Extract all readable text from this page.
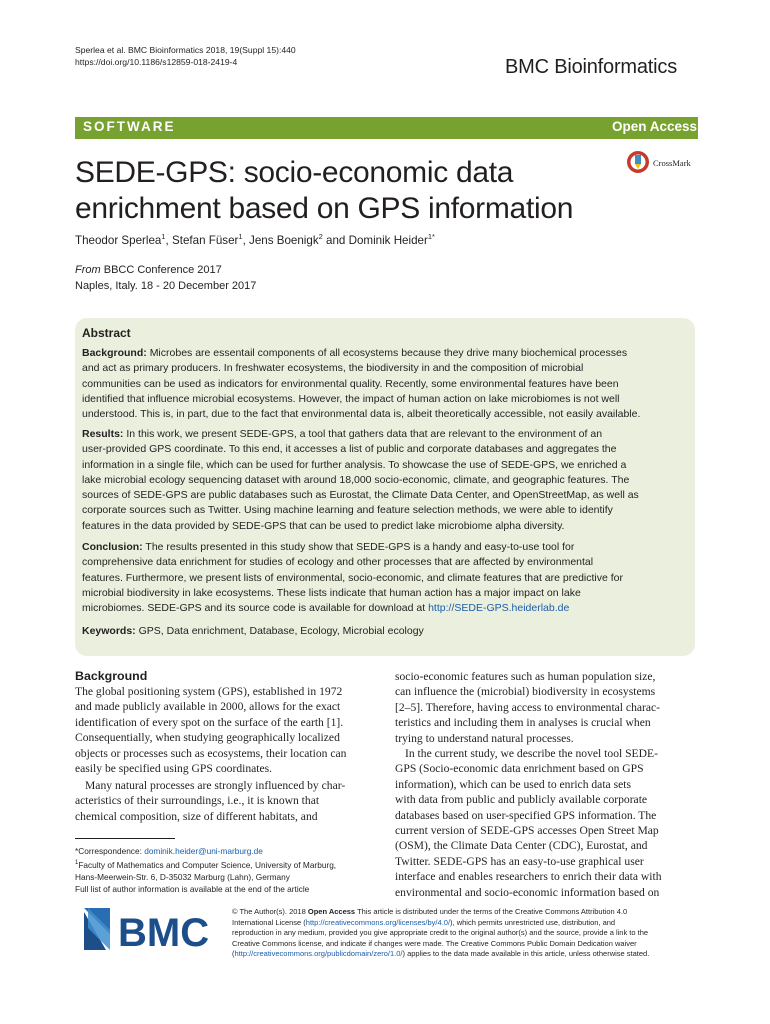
Sperlea et al. BMC Bioinformatics 2018, 19(Suppl 15):440
https://doi.org/10.1186/s12859-018-2419-4	BMC Bioinformatics
SOFTWARE	Open Access
CrossMark
SEDE-GPS: socio-economic data
enrichment based on GPS information
Theodor Sperlea$^1$, Stefan Füser$^1$, Jens Boenigk$^2$ and Dominik Heider$^{1*}$
From BBCC Conference 2017
Naples, Italy. 18 - 20 December 2017
Abstract
Background: Microbes are essentail components of all ecosystems because they drive many biochemical processes
and act as primary producers. In freshwater ecosystems, the biodiversity in and the composition of microbial
communities can be used as indicators for environmental quality. Recently, some environmental features have been
identified that influence microbial ecosystems. However, the impact of human action on lake microbiomes is not well
understood. This is, in part, due to the fact that environmental data is, albeit theoretically accessible, not easily available.
Results: In this work, we present SEDE-GPS, a tool that gathers data that are relevant to the environment of an
user-provided GPS coordinate. To this end, it accesses a list of public and corporate databases and aggregates the
information in a single file, which can be used for further analysis. To showcase the use of SEDE-GPS, we enriched a
lake microbial ecology sequencing dataset with around 18,000 socio-economic, climate, and geographic features. The
sources of SEDE-GPS are public databases such as Eurostat, the Climate Data Center, and OpenStreetMap, as well as
corporate sources such as Twitter. Using machine learning and feature selection methods, we were able to identify
features in the data provided by SEDE-GPS that can be used to predict lake microbiome alpha diversity.
Conclusion: The results presented in this study show that SEDE-GPS is a handy and easy-to-use tool for
comprehensive data enrichment for studies of ecology and other processes that are affected by environmental
features. Furthermore, we present lists of environmental, socio-economic, and climate features that are predictive for
microbial biodiversity in lake ecosystems. These lists indicate that human action has a major impact on lake
microbiomes. SEDE-GPS and its source code is available for download at http://SEDE-GPS.heiderlab.de
Keywords: GPS, Data enrichment, Database, Ecology, Microbial ecology
Background
The global positioning system (GPS), established in 1972
and made publicly available in 2000, allows for the exact
identification of every spot on the surface of the earth [1].
Consequentially, when studying geographically localized
objects or processes such as ecosystems, their location can
easily be specified using GPS coordinates.
Many natural processes are strongly influenced by char-
acteristics of their surroundings, i.e., it is known that
chemical composition, size of different habitats, and
socio-economic features such as human population size,
can influence the (microbial) biodiversity in ecosystems
[2–5]. Therefore, having access to environmental charac-
teristics and including them in analyses is crucial when
trying to understand natural processes.
In the current study, we describe the novel tool SEDE-
GPS (Socio-economic data enrichment based on GPS
information), which can be used to enrich data sets
with data from public and publicly available corporate
databases based on user-specified GPS information. The
current version of SEDE-GPS accesses Open Street Map
(OSM), the Climate Data Center (CDC), Eurostat, and
Twitter. SEDE-GPS has an easy-to-use graphical user
interface and enables researchers to enrich their data with
environmental and socio-economic information based on
*Correspondence: dominik.heider@uni-marburg.de
$^1$Faculty of Mathematics and Computer Science, University of Marburg,
Hans-Meerwein-Str. 6, D-35032 Marburg (Lahn), Germany
Full list of author information is available at the end of the article
BMC	© The Author(s). 2018 Open Access This article is distributed under the terms of the Creative Commons Attribution 4.0
International License (http://creativecommons.org/licenses/by/4.0/), which permits unrestricted use, distribution, and
reproduction in any medium, provided you give appropriate credit to the original author(s) and the source, provide a link to the
Creative Commons license, and indicate if changes were made. The Creative Commons Public Domain Dedication waiver
(http://creativecommons.org/publicdomain/zero/1.0/) applies to the data made available in this article, unless otherwise stated.
